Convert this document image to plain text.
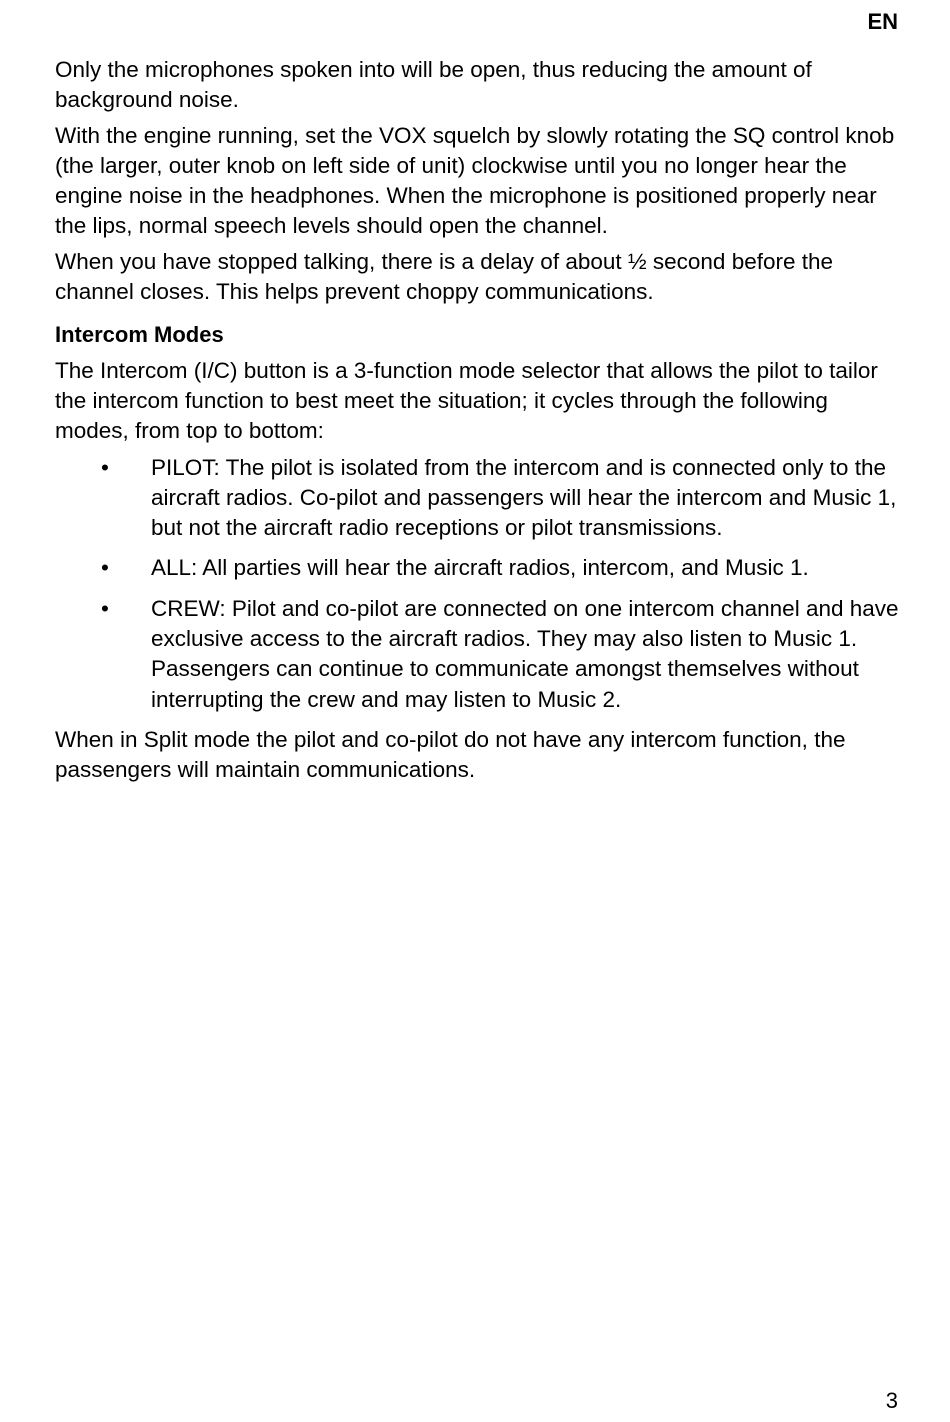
EN

Only the microphones spoken into will be open, thus reducing the amount of background noise.

With the engine running, set the VOX squelch by slowly rotating the SQ control knob (the larger, outer knob on left side of unit) clockwise until you no longer hear the engine noise in the headphones. When the microphone is positioned properly near the lips, normal speech levels should open the channel.

When you have stopped talking, there is a delay of about ½ second before the channel closes. This helps prevent choppy communications.

Intercom Modes

The Intercom (I/C) button is a 3-function mode selector that allows the pilot to tailor the intercom function to best meet the situation; it cycles through the following modes, from top to bottom:

• PILOT: The pilot is isolated from the intercom and is connected only to the aircraft radios. Co-pilot and passengers will hear the intercom and Music 1, but not the aircraft radio receptions or pilot transmissions.
• ALL: All parties will hear the aircraft radios, intercom, and Music 1.
• CREW: Pilot and co-pilot are connected on one intercom channel and have exclusive access to the aircraft radios. They may also listen to Music 1. Passengers can continue to communicate amongst themselves without interrupting the crew and may listen to Music 2.

When in Split mode the pilot and co-pilot do not have any intercom function, the passengers will maintain communications.

3
